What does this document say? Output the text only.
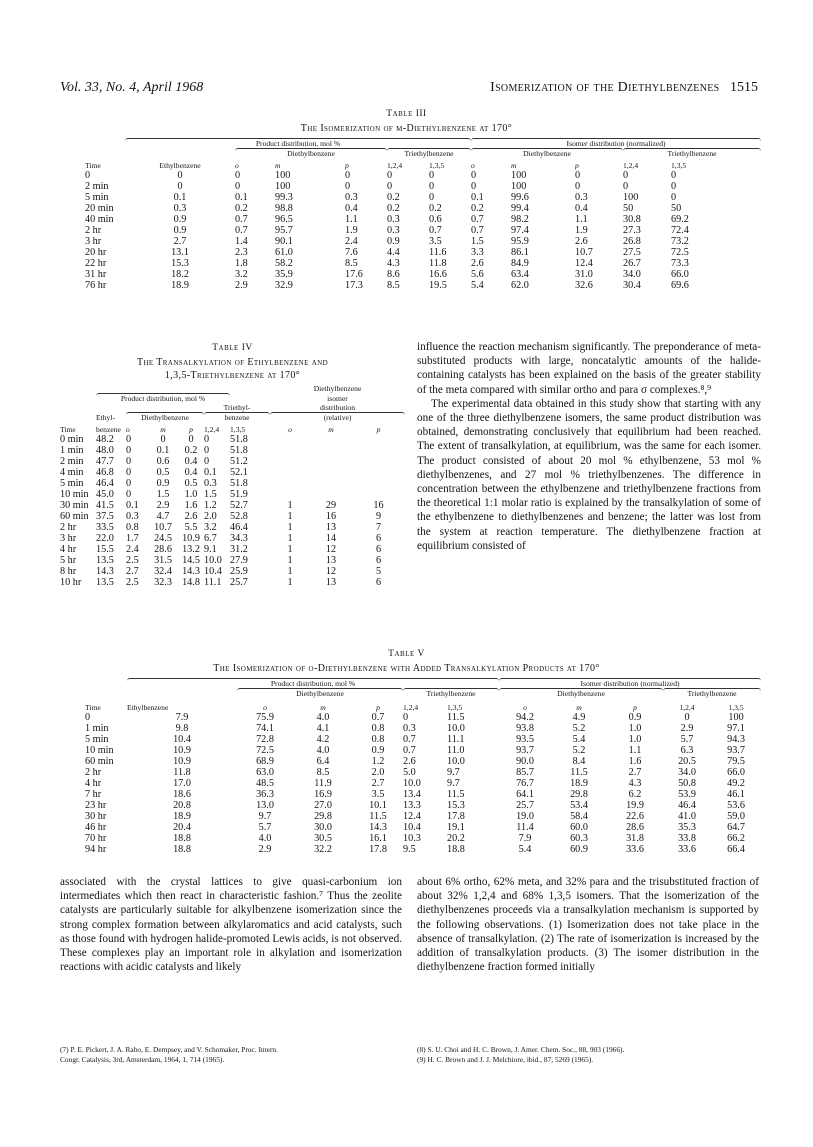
Vol. 33, No. 4, April 1968	Isomerization of the Diethylbenzenes 1515
Table III
The Isomerization of m-Diethylbenzene at 170°

	Product distribution, mol %						Isomer distribution (normalized)				

		Diethylbenzene			Triethylbenzene		Diethylbenzene			Triethylbenzene	

Time	Ethylbenzene	o	m	p	1,2,4	1,3,5	o	m	p	1,2,4	1,3,5
0	0	0	100	0	0	0	0	100	0	0	0
2 min	0	0	100	0	0	0	0	100	0	0	0
5 min	0.1	0.1	99.3	0.3	0.2	0	0.1	99.6	0.3	100	0
20 min	0.3	0.2	98.8	0.4	0.2	0.2	0.2	99.4	0.4	50	50
40 min	0.9	0.7	96.5	1.1	0.3	0.6	0.7	98.2	1.1	30.8	69.2
2 hr	0.9	0.7	95.7	1.9	0.3	0.7	0.7	97.4	1.9	27.3	72.4
3 hr	2.7	1.4	90.1	2.4	0.9	3.5	1.5	95.9	2.6	26.8	73.2
20 hr	13.1	2.3	61.0	7.6	4.4	11.6	3.3	86.1	10.7	27.5	72.5
22 hr	15.3	1.8	58.2	8.5	4.3	11.8	2.6	84.9	12.4	26.7	73.3
31 hr	18.2	3.2	35.9	17.6	8.6	16.6	5.6	63.4	31.0	34.0	66.0
76 hr	18.9	2.9	32.9	17.3	8.5	19.5	5.4	62.0	32.6	30.4	69.6
Table IV
The Transalkylation of Ethylbenzene and
1,3,5-Triethylbenzene at 170°

							Diethylbenzene		

	Product distribution, mol %						isomer		

					Triethyl-		distribution		

	Ethyl-	Diethylbenzene			benzene		(relative)		

Time	benzene	o	m	p	1,2,4	1,3,5	o	m	p
0 min	48.2	0	0	0	0	51.8			
1 min	48.0	0	0.1	0.2	0	51.8			
2 min	47.7	0	0.6	0.4	0	51.2			
4 min	46.8	0	0.5	0.4	0.1	52.1			
5 min	46.4	0	0.9	0.5	0.3	51.8			
10 min	45.0	0	1.5	1.0	1.5	51.9			
30 min	41.5	0.1	2.9	1.6	1.2	52.7	1	29	16
60 min	37.5	0.3	4.7	2.6	2.0	52.8	1	16	9
2 hr	33.5	0.8	10.7	5.5	3.2	46.4	1	13	7
3 hr	22.0	1.7	24.5	10.9	6.7	34.3	1	14	6
4 hr	15.5	2.4	28.6	13.2	9.1	31.2	1	12	6
5 hr	13.5	2.5	31.5	14.5	10.0	27.9	1	13	6
8 hr	14.3	2.7	32.4	14.3	10.4	25.9	1	12	5
10 hr	13.5	2.5	32.3	14.8	11.1	25.7	1	13	6

influence the reaction mechanism significantly. The preponderance of meta-substituted products with large, noncatalytic amounts of the halide-containing catalysts has been explained on the basis of the greater stability of the meta compared with similar ortho and para σ complexes.⁸,⁹

The experimental data obtained in this study show that starting with any one of the three diethylbenzene isomers, the same product distribution was obtained, demonstrating conclusively that equilibrium had been reached. The extent of transalkylation, at equilibrium, was the same for each isomer. The product consisted of about 20 mol % ethylbenzene, 53 mol % diethylbenzenes, and 27 mol % triethylbenzenes. The difference in concentration between the ethylbenzene and triethylbenzene fractions from the theoretical 1:1 molar ratio is explained by the transalkylation of some of the ethylbenzene to diethylbenzenes and benzene; the latter was lost from the system at reaction temperature. The diethylbenzene fraction at equilibrium consisted of

Table V
The Isomerization of o-Diethylbenzene with Added Transalkylation Products at 170°

	Product distribution, mol %						Isomer distribution (normalized)				

		Diethylbenzene			Triethylbenzene		Diethylbenzene			Triethylbenzene	

Time	Ethylbenzene	o	m	p	1,2,4	1,3,5	o	m	p	1,2,4	1,3,5
0	7.9	75.9	4.0	0.7	0	11.5	94.2	4.9	0.9	0	100
1 min	9.8	74.1	4.1	0.8	0.3	10.0	93.8	5.2	1.0	2.9	97.1
5 min	10.4	72.8	4.2	0.8	0.7	11.1	93.5	5.4	1.0	5.7	94.3
10 min	10.9	72.5	4.0	0.9	0.7	11.0	93.7	5.2	1.1	6.3	93.7
60 min	10.9	68.9	6.4	1.2	2.6	10.0	90.0	8.4	1.6	20.5	79.5
2 hr	11.8	63.0	8.5	2.0	5.0	9.7	85.7	11.5	2.7	34.0	66.0
4 hr	17.0	48.5	11.9	2.7	10.0	9.7	76.7	18.9	4.3	50.8	49.2
7 hr	18.6	36.3	16.9	3.5	13.4	11.5	64.1	29.8	6.2	53.9	46.1
23 hr	20.8	13.0	27.0	10.1	13.3	15.3	25.7	53.4	19.9	46.4	53.6
30 hr	18.9	9.7	29.8	11.5	12.4	17.8	19.0	58.4	22.6	41.0	59.0
46 hr	20.4	5.7	30.0	14.3	10.4	19.1	11.4	60.0	28.6	35.3	64.7
70 hr	18.8	4.0	30.5	16.1	10.3	20.2	7.9	60.3	31.8	33.8	66.2
94 hr	18.8	2.9	32.2	17.8	9.5	18.8	5.4	60.9	33.6	33.6	66.4

associated with the crystal lattices to give quasi-carbonium ion intermediates which then react in characteristic fashion.⁷ Thus the zeolite catalysts are particularly suitable for alkylbenzene isomerization since the strong complex formation between alkylaromatics and acid catalysts, such as those found with hydrogen halide-promoted Lewis acids, is not observed. These complexes play an important role in alkylation and isomerization reactions with acidic catalysts and likely

about 6% ortho, 62% meta, and 32% para and the trisubstituted fraction of about 32% 1,2,4 and 68% 1,3,5 isomers. That the isomerization of the diethylbenzenes proceeds via a transalkylation mechanism is supported by the following observations. (1) Isomerization does not take place in the absence of transalkylation. (2) The rate of isomerization is increased by the addition of transalkylation products. (3) The isomer distribution in the diethylbenzene fraction formed initially

(7) P. E. Pickert, J. A. Rabo, E. Dempsey, and V. Schomaker, Proc. Intern.

Congr. Catalysis, 3rd, Amsterdam, 1964, 1, 714 (1965).

(8) S. U. Choi and H. C. Brown, J. Amer. Chem. Soc., 88, 903 (1966).

(9) H. C. Brown and J. J. Melchiore, ibid., 87, 5269 (1965).
